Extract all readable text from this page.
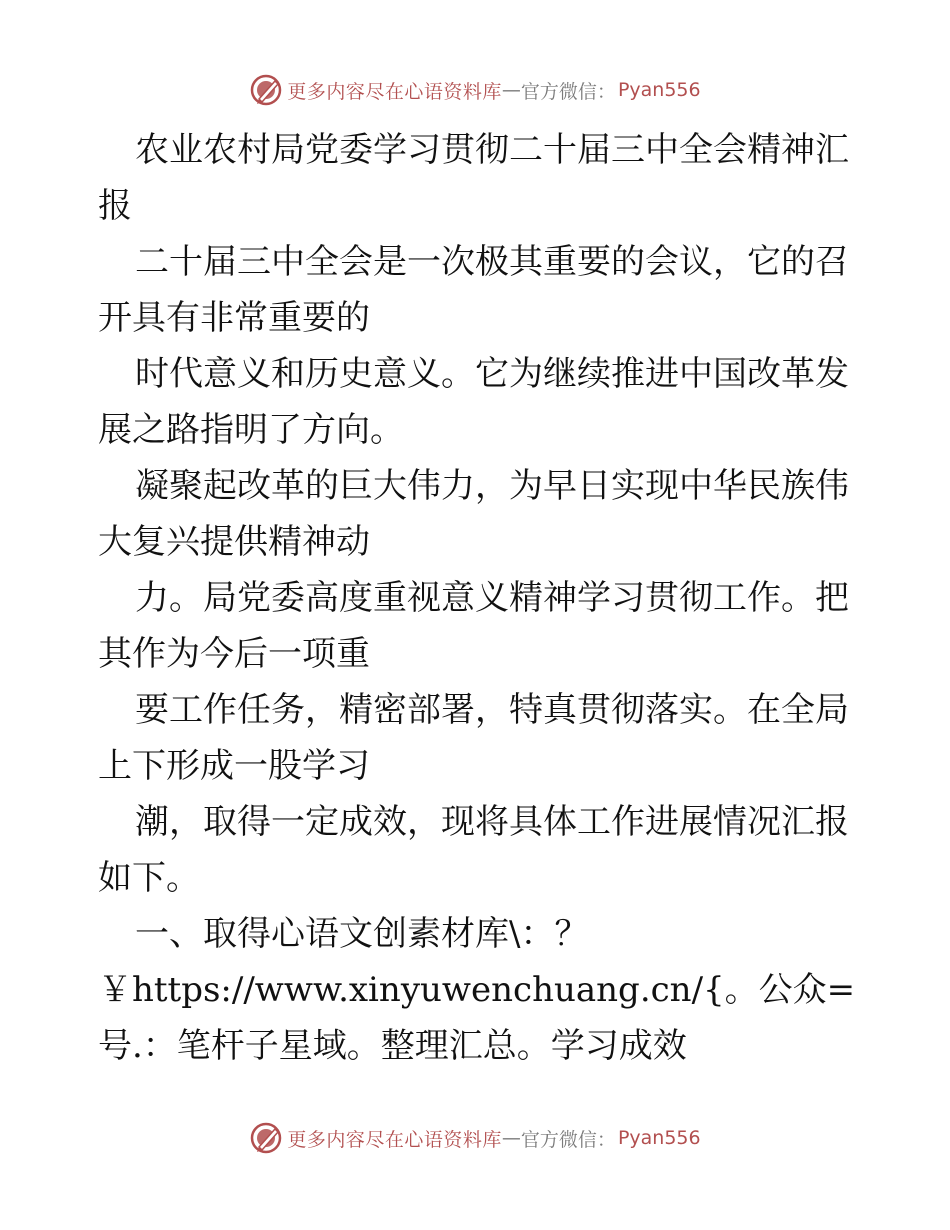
更多内容尽在心语资料库 — 官方微信： Pyan556

农业农村局党委学习贯彻二十届三中全会精神汇报

二十届三中全会是一次极其重要的会议，它的召开具有非常重要的

时代意义和历史意义。它为继续推进中国改革发展之路指明了方向。

凝聚起改革的巨大伟力，为早日实现中华民族伟大复兴提供精神动

力。局党委高度重视意义精神学习贯彻工作。把其作为今后一项重

要工作任务，精密部署，特真贯彻落实。在全局上下形成一股学习

潮，取得一定成效，现将具体工作进展情况汇报如下。

一、取得心语文创素材库\：？￥https://www.xinyuwenchuang.cn/{。公众=号.：笔杆子星域。整理汇总。学习成效

更多内容尽在心语资料库 — 官方微信： Pyan556
